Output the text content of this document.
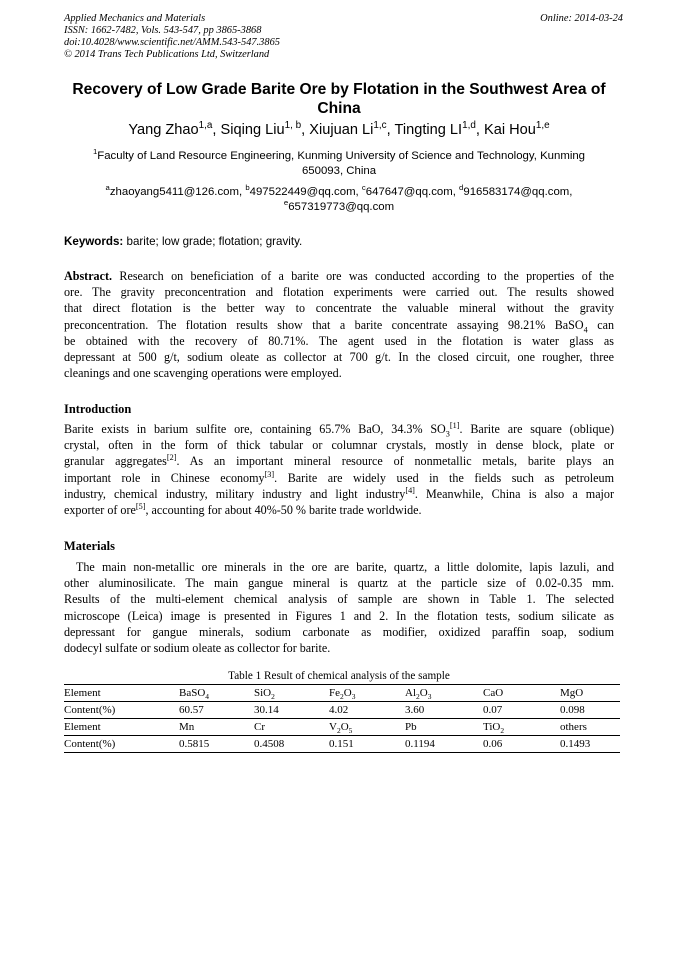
Applied Mechanics and Materials
ISSN: 1662-7482, Vols. 543-547, pp 3865-3868
doi:10.4028/www.scientific.net/AMM.543-547.3865
© 2014 Trans Tech Publications Ltd, Switzerland
Online: 2014-03-24
Recovery of Low Grade Barite Ore by Flotation in the Southwest Area of
China
Yang Zhao$^{1,a}$, Siqing Liu$^{1, b}$, Xiujuan Li$^{1,c}$, Tingting LI$^{1,d}$, Kai Hou$^{1,e}$
$^1$Faculty of Land Resource Engineering, Kunming University of Science and Technology, Kunming
650093, China
$^a$zhaoyang5411@126.com, $^b$497522449@qq.com, $^c$647647@qq.com, $^d$916583174@qq.com,
$^e$657319773@qq.com
Keywords: barite; low grade; flotation; gravity.
Abstract. Research on beneficiation of a barite ore was conducted according to the properties of the
ore. The gravity preconcentration and flotation experiments were carried out. The results showed
that direct flotation is the better way to concentrate the valuable mineral without the gravity
preconcentration. The flotation results show that a barite concentrate assaying 98.21% BaSO$_4$ can
be obtained with the recovery of 80.71%. The agent used in the flotation is water glass as
depressant at 500 g/t, sodium oleate as collector at 700 g/t. In the closed circuit, one rougher, three
cleanings and one scavenging operations were employed.
Introduction
Barite exists in barium sulfite ore, containing 65.7% BaO, 34.3% $SO_3[1]$. Barite are square (oblique)
crystal, often in the form of thick tabular or columnar crystals, mostly in dense block, plate or
granular aggregates[2]. As an important mineral resource of nonmetallic metals, barite plays an
important role in Chinese economy[3]. Barite are widely used in the fields such as petroleum
industry, chemical industry, military industry and light industry[4]. Meanwhile, China is also a major
exporter of ore[5], accounting for about 40%-50 % barite trade worldwide.
Materials
The main non-metallic ore minerals in the ore are barite, quartz, a little dolomite, lapis lazuli, and
other aluminosilicate. The main gangue mineral is quartz at the particle size of 0.02-0.35 mm.
Results of the multi-element chemical analysis of sample are shown in Table 1. The selected
microscope (Leica) image is presented in Figures 1 and 2. In the flotation tests, sodium silicate as
depressant for gangue minerals, sodium carbonate as modifier, oxidized paraffin soap, sodium
dodecyl sulfate or sodium oleate as collector for barite.
Table 1 Result of chemical analysis of the sample
Element	BaSO$_4$	SiO$_2$	$Fe_2O_3$	$Al_2O_3$	CaO	MgO
Content(%)	60.57	30.14	4.02	3.60	0.07	0.098
Element	Mn	Cr	$V_2O_5$	Pb	TiO$_2$	others
Content(%)	0.5815	0.4508	0.151	0.1194	0.06	0.1493
